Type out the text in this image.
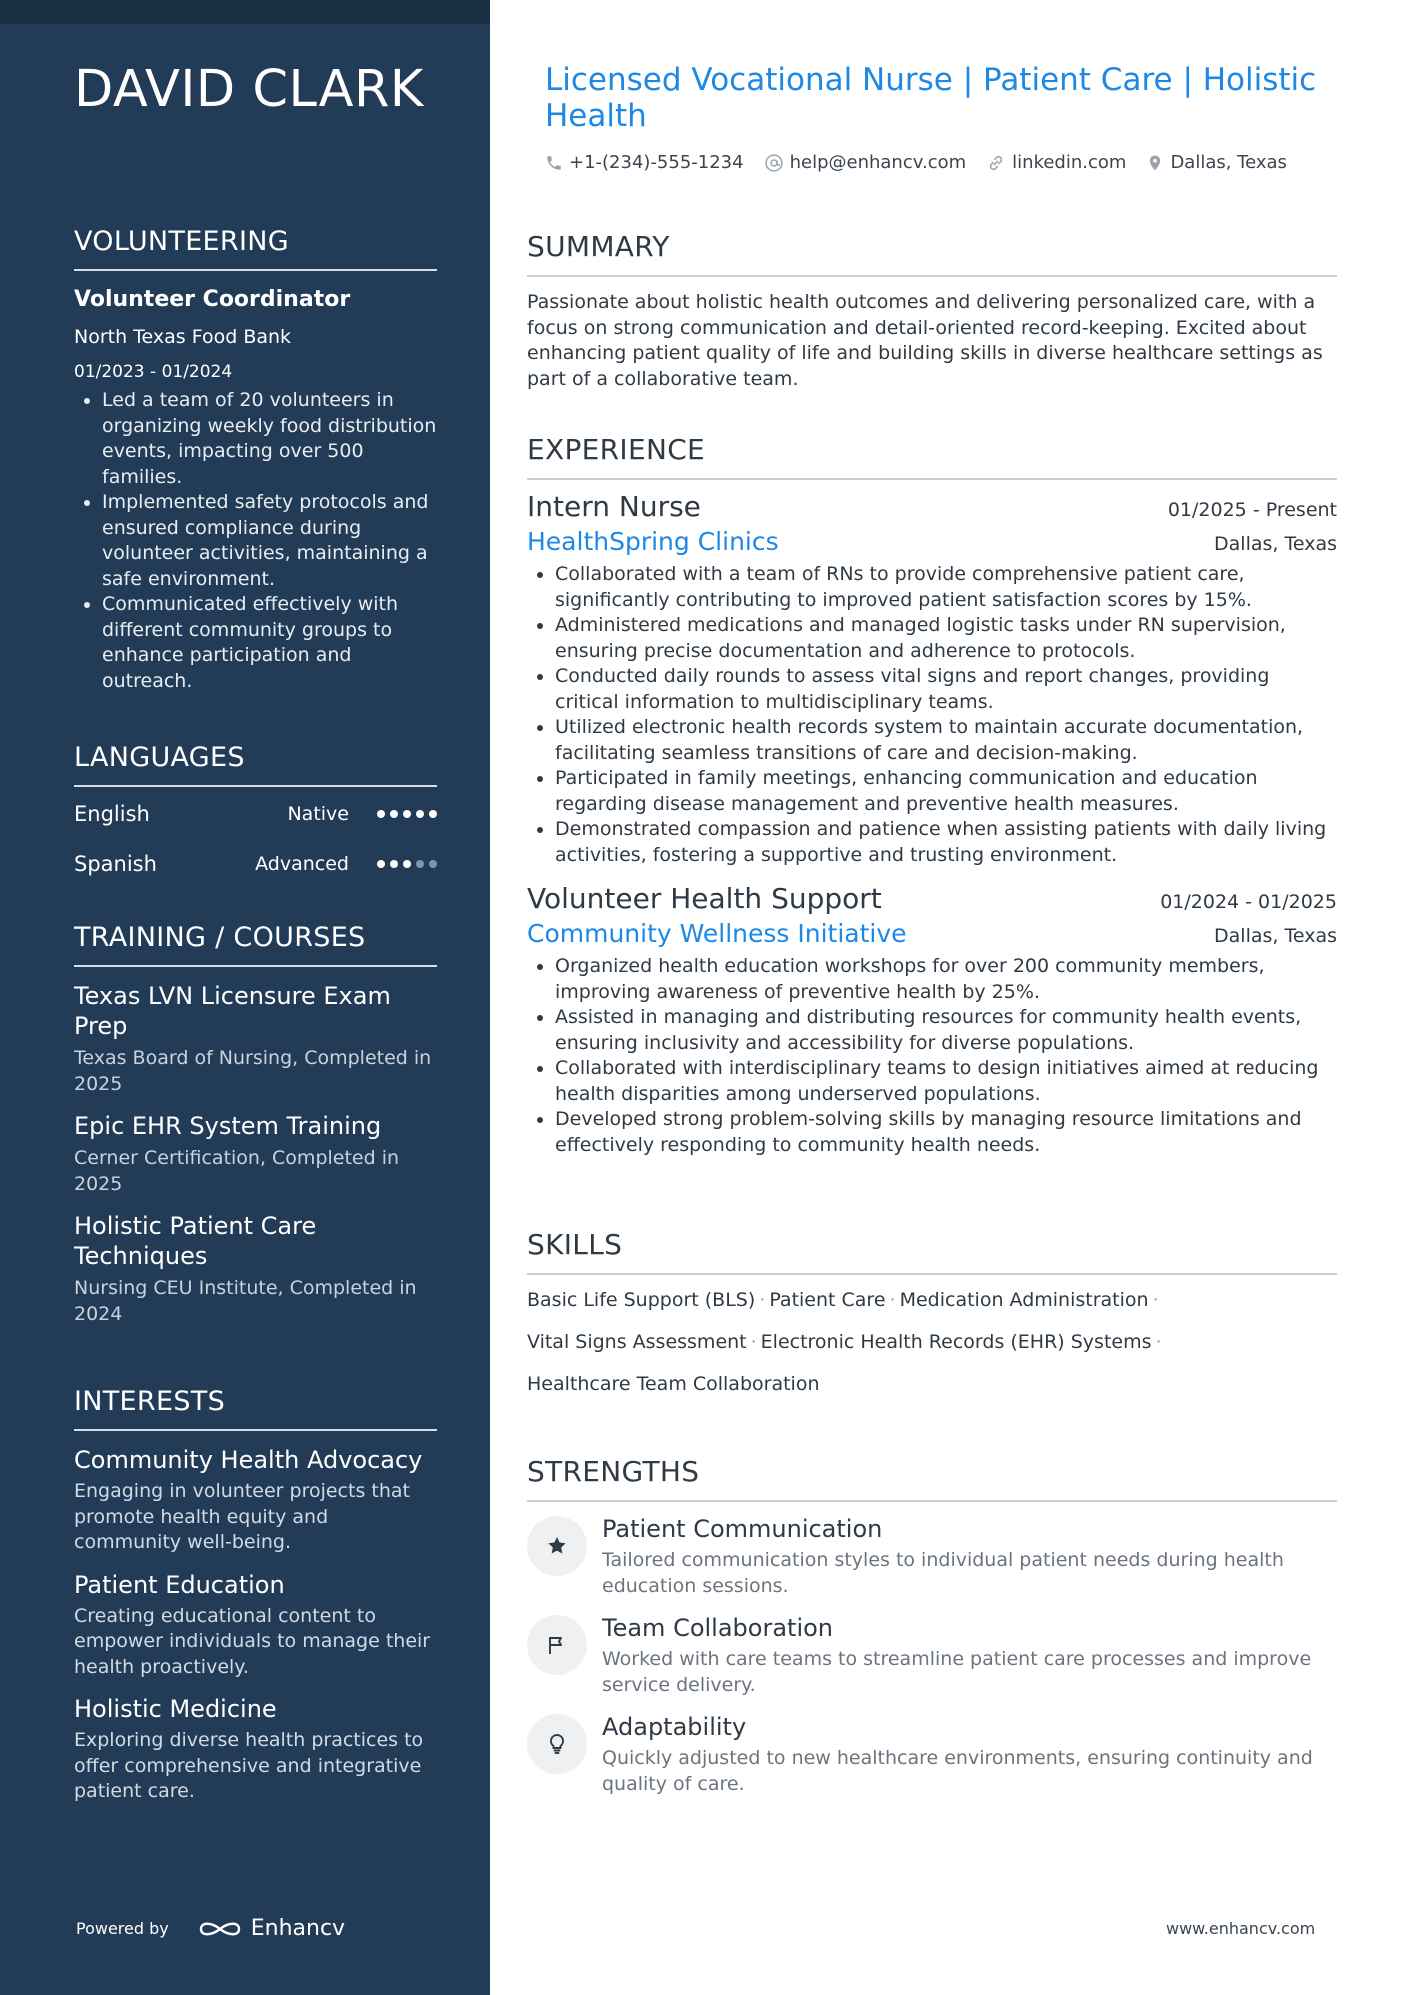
DAVID CLARK
VOLUNTEERING
Volunteer Coordinator
North Texas Food Bank
01/2023 - 01/2024
• Led a team of 20 volunteers in organizing weekly food distribution events, impacting over 500 families.
• Implemented safety protocols and ensured compliance during volunteer activities, maintaining a safe environment.
• Communicated effectively with different community groups to enhance participation and outreach.
LANGUAGES
English	Native
Spanish	Advanced
TRAINING / COURSES
Texas LVN Licensure Exam Prep
Texas Board of Nursing, Completed in 2025
Epic EHR System Training
Cerner Certification, Completed in 2025
Holistic Patient Care Techniques
Nursing CEU Institute, Completed in 2024
INTERESTS
Community Health Advocacy
Engaging in volunteer projects that promote health equity and community well-being.
Patient Education
Creating educational content to empower individuals to manage their health proactively.
Holistic Medicine
Exploring diverse health practices to offer comprehensive and integrative patient care.
Powered by	Enhancv
Licensed Vocational Nurse | Patient Care | Holistic Health
+1-(234)-555-1234	help@enhancv.com	linkedin.com Dallas, Texas
SUMMARY
Passionate about holistic health outcomes and delivering personalized care, with a focus on strong communication and detail-oriented record-keeping. Excited about enhancing patient quality of life and building skills in diverse healthcare settings as part of a collaborative team.
EXPERIENCE
Intern Nurse	01/2025 - Present
HealthSpring Clinics	Dallas, Texas
• Collaborated with a team of RNs to provide comprehensive patient care, significantly contributing to improved patient satisfaction scores by 15%.
• Administered medications and managed logistic tasks under RN supervision, ensuring precise documentation and adherence to protocols.
• Conducted daily rounds to assess vital signs and report changes, providing critical information to multidisciplinary teams.
• Utilized electronic health records system to maintain accurate documentation, facilitating seamless transitions of care and decision-making.
• Participated in family meetings, enhancing communication and education regarding disease management and preventive health measures.
• Demonstrated compassion and patience when assisting patients with daily living activities, fostering a supportive and trusting environment.
Volunteer Health Support	01/2024 - 01/2025
Community Wellness Initiative	Dallas, Texas
• Organized health education workshops for over 200 community members, improving awareness of preventive health by 25%.
• Assisted in managing and distributing resources for community health events, ensuring inclusivity and accessibility for diverse populations.
• Collaborated with interdisciplinary teams to design initiatives aimed at reducing health disparities among underserved populations.
• Developed strong problem-solving skills by managing resource limitations and effectively responding to community health needs.
SKILLS
Basic Life Support (BLS) · Patient Care · Medication Administration ·
Vital Signs Assessment · Electronic Health Records (EHR) Systems ·
Healthcare Team Collaboration
STRENGTHS
Patient Communication
Tailored communication styles to individual patient needs during health education sessions.
Team Collaboration
Worked with care teams to streamline patient care processes and improve service delivery.
Adaptability
Quickly adjusted to new healthcare environments, ensuring continuity and quality of care.
www.enhancv.com
